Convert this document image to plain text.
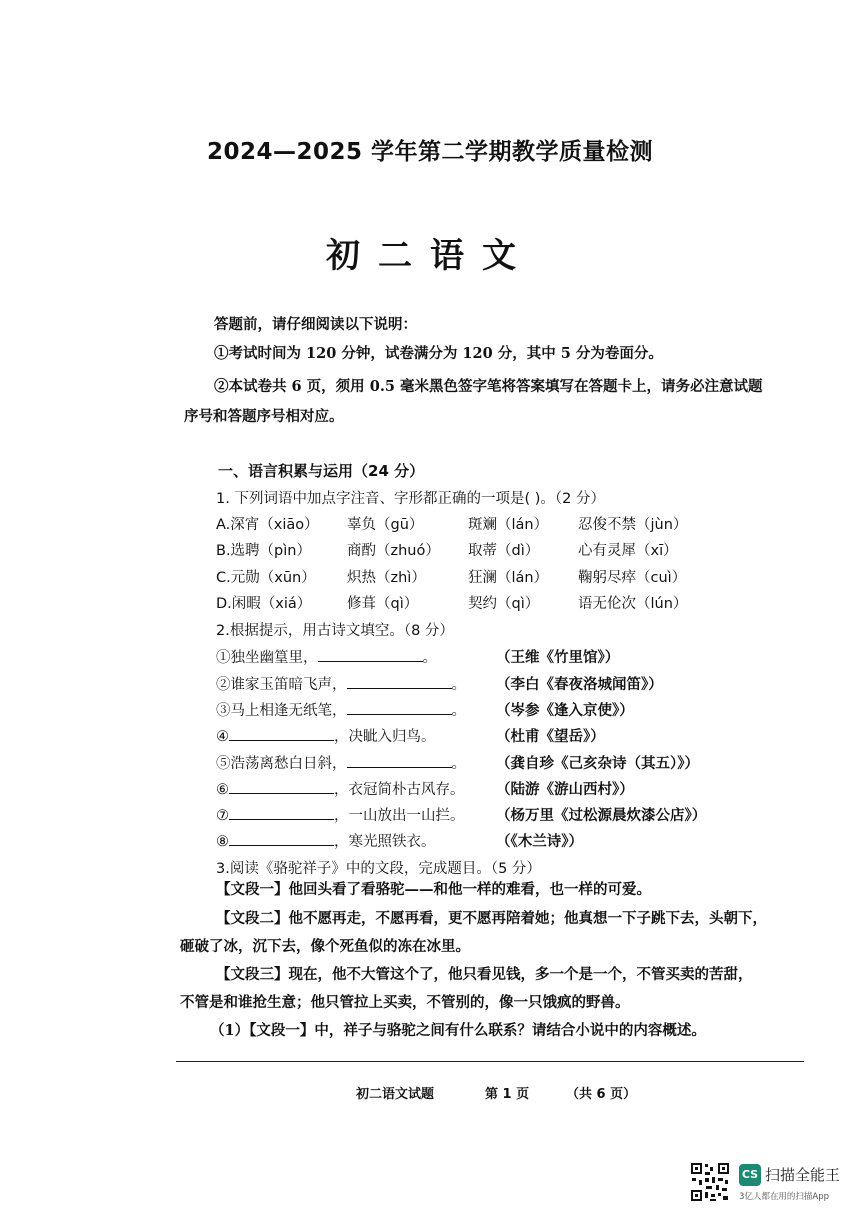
2024—2025 学年第二学期教学质量检测
初二语文
答题前，请仔细阅读以下说明：
①考试时间为 120 分钟，试卷满分为 120 分，其中 5 分为卷面分。
②本试卷共 6 页，须用 0.5 毫米黑色签字笔将答案填写在答题卡上，请务必注意试题
序号和答题序号相对应。
一、语言积累与运用（24 分）
1. 下列词语中加点字注音、字形都正确的一项是( )。（2 分）
A.深宵（xiāo） 辜负（gū）	斑斓（lán） 忍俊不禁（jùn）
B.选聘（pìn） 商酌（zhuó） 取蒂（dì）	心有灵犀（xī）
C.元勋（xūn） 炽热（zhì）	狂澜（lán） 鞠躬尽瘁（cuì）
D.闲暇（xiá） 修葺（qì）	契约（qì）	语无伦次（lún）
2.根据提示，用古诗文填空。（8 分）
①独坐幽篁里，	。	（王维《竹里馆》）
②谁家玉笛暗飞声，	。 （李白《春夜洛城闻笛》）
③马上相逢无纸笔，	。 （岑参《逢入京使》）
④	，决眦入归鸟。	（杜甫《望岳》）
⑤浩荡离愁白日斜，	。 （龚自珍《己亥杂诗（其五）》）
⑥	，衣冠简朴古风存。 （陆游《游山西村》）
⑦	，一山放出一山拦。 （杨万里《过松源晨炊漆公店》）
⑧	，寒光照铁衣。	（《木兰诗》）
3.阅读《骆驼祥子》中的文段，完成题目。（5 分）
【文段一】他回头看了看骆驼——和他一样的难看，也一样的可爱。
【文段二】他不愿再走，不愿再看，更不愿再陪着她；他真想一下子跳下去，头朝下，
砸破了冰，沉下去，像个死鱼似的冻在冰里。
【文段三】现在，他不大管这个了，他只看见钱，多一个是一个，不管买卖的苦甜，
不管是和谁抢生意；他只管拉上买卖，不管别的，像一只饿疯的野兽。
（1）【文段一】中，祥子与骆驼之间有什么联系？请结合小说中的内容概述。
初二语文试题	第 1 页	（共 6 页）
CS 扫描全能王
3亿人都在用的扫描App
